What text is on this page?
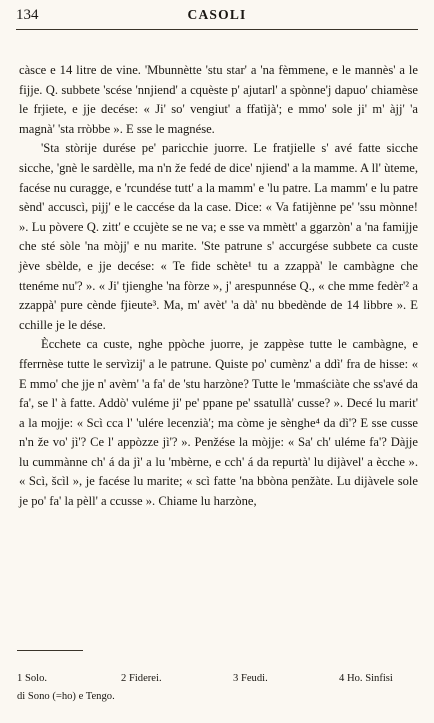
134	CASOLI

càsce e 14 litre de vine. 'Mbunnètte 'stu star' a 'na fèmmene, e le mannès' a le fijje. Q. subbete 'scése 'nnjiend' a cquèste p' ajutarl' a spònne'j dapuo' chiamèse le frjiete, e jje decése: « Ji' so' vengiut' a ffatìjà'; e mmo' sole ji' m' àjj' 'a magnà' 'sta rròbbe ». E sse le magnése.

'Sta stòrije durése pe' paricchie juorre. Le fratjielle s' avé fatte sicche sicche, 'gnè le sardèlle, ma n'n že fedé de dice' njiend' a la mamme. A ll' ùteme, facése nu curagge, e 'rcundése tutt' a la mamm' e 'lu patre. La mamm' e lu patre sènd' accuscì, pijj' e le caccése da la case. Dice: « Va fatijènne pe' 'ssu mònne! ». Lu pòvere Q. zitt' e ccujète se ne va; e sse va mmètt' a ggarzòn' a 'na famijje che sté sòle 'na mòjj' e nu marite. 'Ste patrune s' accurgése subbete ca custe jève sbèlde, e jje decése: « Te fide schète¹ tu a zzappà' le cambàgne che ttenéme nu'? ». « Ji' tjienghe 'na fòrze », j' arespunnése Q., « che mme fedèr'² a zzappà' pure cènde fjieute³. Ma, m' avèt' 'a dà' nu bbedènde de 14 libbre ». E cchille je le dése.

Ècchete ca custe, nghe ppòche juorre, je zappèse tutte le cambàgne, e fferrnèse tutte le servìzij' a le patrune. Quiste po' cumènz' a ddì' fra de hisse: « E mmo' che jje n' avèm' 'a fa' de 'stu harzòne? Tutte le 'mmaściàte che ss'avé da fa', se l' à fatte. Addò' vuléme ji' pe' ppane pe' ssatullà' cusse? ». Decé lu marit' a la mojje: « Scì cca l' 'ulére lecenzià'; ma còme je sènghe⁴ da dì'? E sse cusse n'n že vo' jì'? Ce l' appòzze jì'? ». Penžése la mòjje: « Sa' ch' uléme fa'? Dàjje lu cummànne ch' á da jì' a lu 'mbèrne, e cch' á da repurtà' lu dijàvel' a ècche ». « Scì, šcìl », je facése lu marite; « scì fatte 'na bbòna penžàte. Lu dijàvele sole je po' fa' la pèll' a ccusse ». Chiame lu harzòne,

1 Solo.	2 Fiderei.	3 Feudi.	4 Ho. Sinfisi
di Sono (=ho) e Tengo.
